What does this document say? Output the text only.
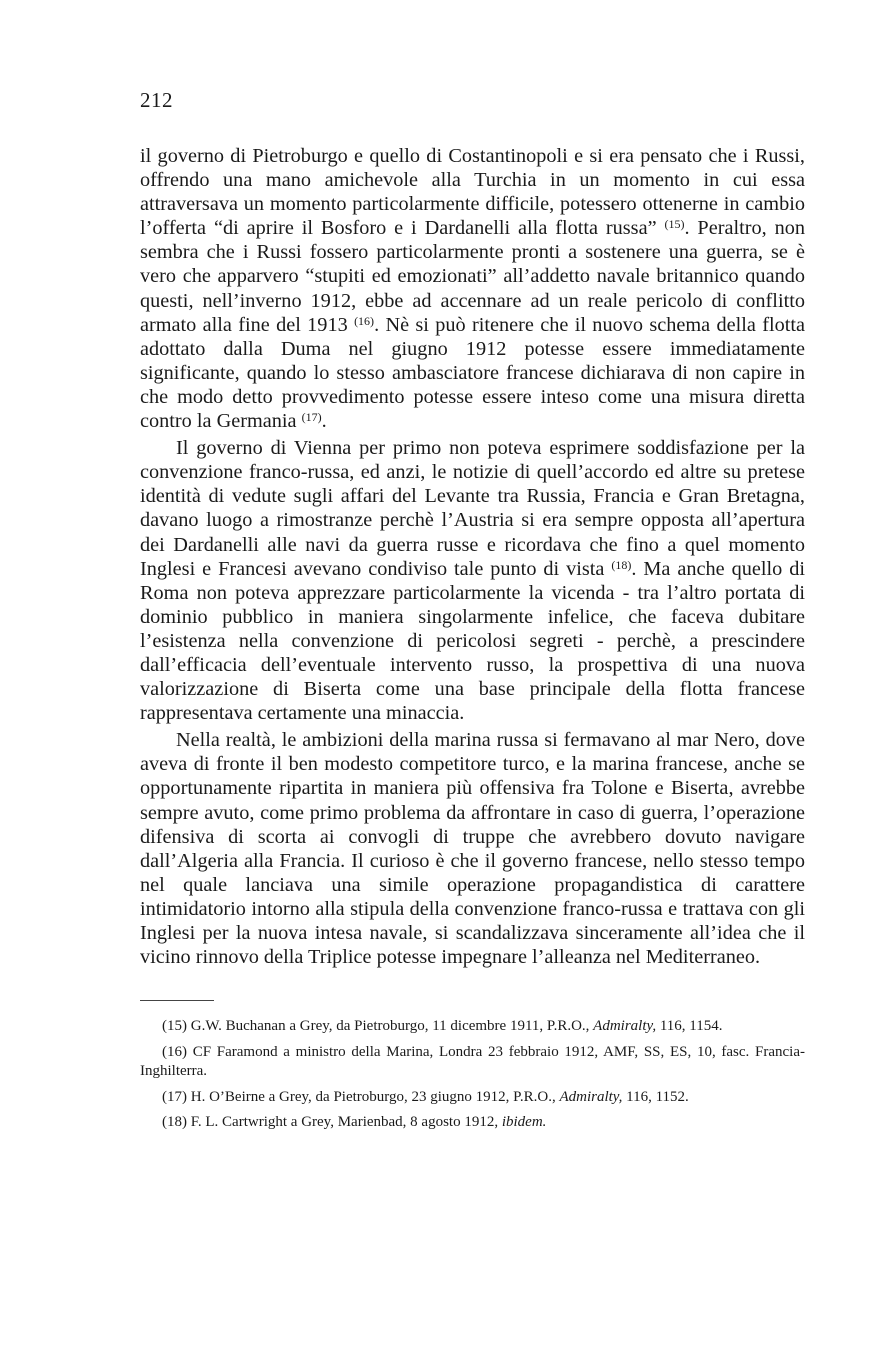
212

il governo di Pietroburgo e quello di Costantinopoli e si era pensato che i Russi, offrendo una mano amichevole alla Turchia in un momento in cui essa attraversava un momento particolarmente difficile, potessero ottenerne in cambio l’offerta “di aprire il Bosforo e i Dardanelli alla flotta russa” $^{(15)}$. Peraltro, non sembra che i Russi fossero particolarmente pronti a sostenere una guerra, se è vero che apparvero “stupiti ed emozionati” all’addetto navale britannico quando questi, nell’inverno 1912, ebbe ad accennare ad un reale pericolo di conflitto armato alla fine del 1913 $^{(16)}$. Nè si può ritenere che il nuovo schema della flotta adottato dalla Duma nel giugno 1912 potesse essere immediatamente significante, quando lo stesso ambasciatore francese dichiarava di non capire in che modo detto provvedimento potesse essere inteso come una misura diretta contro la Germania $^{(17)}$.

Il governo di Vienna per primo non poteva esprimere soddisfazione per la convenzione franco-russa, ed anzi, le notizie di quell’accordo ed altre su pretese identità di vedute sugli affari del Levante tra Russia, Francia e Gran Bretagna, davano luogo a rimostranze perchè l’Austria si era sempre opposta all’apertura dei Dardanelli alle navi da guerra russe e ricordava che fino a quel momento Inglesi e Francesi avevano condiviso tale punto di vista $^{(18)}$. Ma anche quello di Roma non poteva apprezzare particolarmente la vicenda - tra l’altro portata di dominio pubblico in maniera singolarmente infelice, che faceva dubitare l’esistenza nella convenzione di pericolosi segreti - perchè, a prescindere dall’efficacia dell’eventuale intervento russo, la prospettiva di una nuova valorizzazione di Biserta come una base principale della flotta francese rappresentava certamente una minaccia.

Nella realtà, le ambizioni della marina russa si fermavano al mar Nero, dove aveva di fronte il ben modesto competitore turco, e la marina francese, anche se opportunamente ripartita in maniera più offensiva fra Tolone e Biserta, avrebbe sempre avuto, come primo problema da affrontare in caso di guerra, l’operazione difensiva di scorta ai convogli di truppe che avrebbero dovuto navigare dall’Algeria alla Francia. Il curioso è che il governo francese, nello stesso tempo nel quale lanciava una simile operazione propagandistica di carattere intimidatorio intorno alla stipula della convenzione franco-russa e trattava con gli Inglesi per la nuova intesa navale, si scandalizzava sinceramente all’idea che il vicino rinnovo della Triplice potesse impegnare l’alleanza nel Mediterraneo.

(15) G.W. Buchanan a Grey, da Pietroburgo, 11 dicembre 1911, P.R.O., Admiralty, 116, 1154.

(16) CF Faramond a ministro della Marina, Londra 23 febbraio 1912, AMF, SS, ES, 10, fasc. Francia-Inghilterra.

(17) H. O’Beirne a Grey, da Pietroburgo, 23 giugno 1912, P.R.O., Admiralty, 116, 1152.

(18) F. L. Cartwright a Grey, Marienbad, 8 agosto 1912, ibidem.
